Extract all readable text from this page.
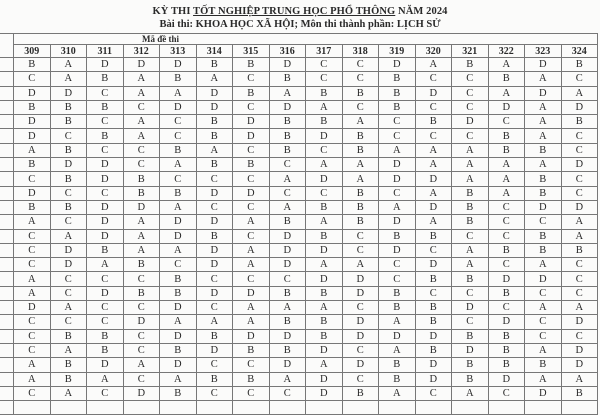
KỲ THI TỐT NGHIỆP TRUNG HỌC PHỔ THÔNG NĂM 2024
Bài thi: KHOA HỌC XÃ HỘI; Môn thi thành phần: LỊCH SỬ
	Mã đề thi															
	309	310	311	312	313	314	315	316	317	318	319	320	321	322	323	324
	B	A	D	D	D	B	B	D	C	C	D	A	B	A	D	B
	C	A	B	A	B	A	C	B	C	C	B	C	C	B	A	C
	D	D	C	A	A	D	B	A	B	B	B	D	C	A	D	A
	B	B	B	C	D	D	C	D	A	C	B	C	C	D	A	D
	D	B	C	A	C	B	D	B	B	A	C	B	D	C	A	B
	D	C	B	A	C	B	D	B	D	B	C	C	C	B	A	C
	A	B	C	C	B	A	C	B	C	B	A	A	A	B	B	C
	B	D	D	C	A	B	B	C	A	A	D	A	A	A	A	D
	C	B	D	B	C	C	C	A	D	A	D	D	A	A	B	C
	D	C	C	B	B	D	D	C	C	B	C	A	B	A	B	C
	B	B	D	D	A	C	C	A	B	B	A	D	B	C	D	D
	A	C	D	A	D	D	A	B	A	B	D	A	B	C	C	A
	C	A	D	A	D	B	C	D	B	C	B	B	C	C	B	A
	C	D	B	A	A	D	A	D	D	C	D	C	A	B	B	B
	C	D	A	B	C	D	A	D	A	A	C	D	A	C	A	C
	A	C	C	C	B	C	C	C	D	D	C	B	B	D	D	C
	A	C	D	B	B	D	D	B	B	D	B	C	C	B	C	C
	D	A	C	C	D	C	A	A	A	C	B	B	D	C	A	A
	C	C	C	D	A	A	A	B	B	D	A	B	C	D	C	D
	C	B	B	C	D	B	D	D	B	D	D	D	B	B	C	C
	C	A	B	C	B	D	B	B	D	C	A	B	D	B	A	D
	A	B	D	A	D	C	C	D	A	D	B	D	B	B	B	D
	A	B	A	C	A	B	B	A	D	C	B	D	B	D	A	A
	C	A	C	D	B	C	C	C	D	B	A	C	A	C	D	B
